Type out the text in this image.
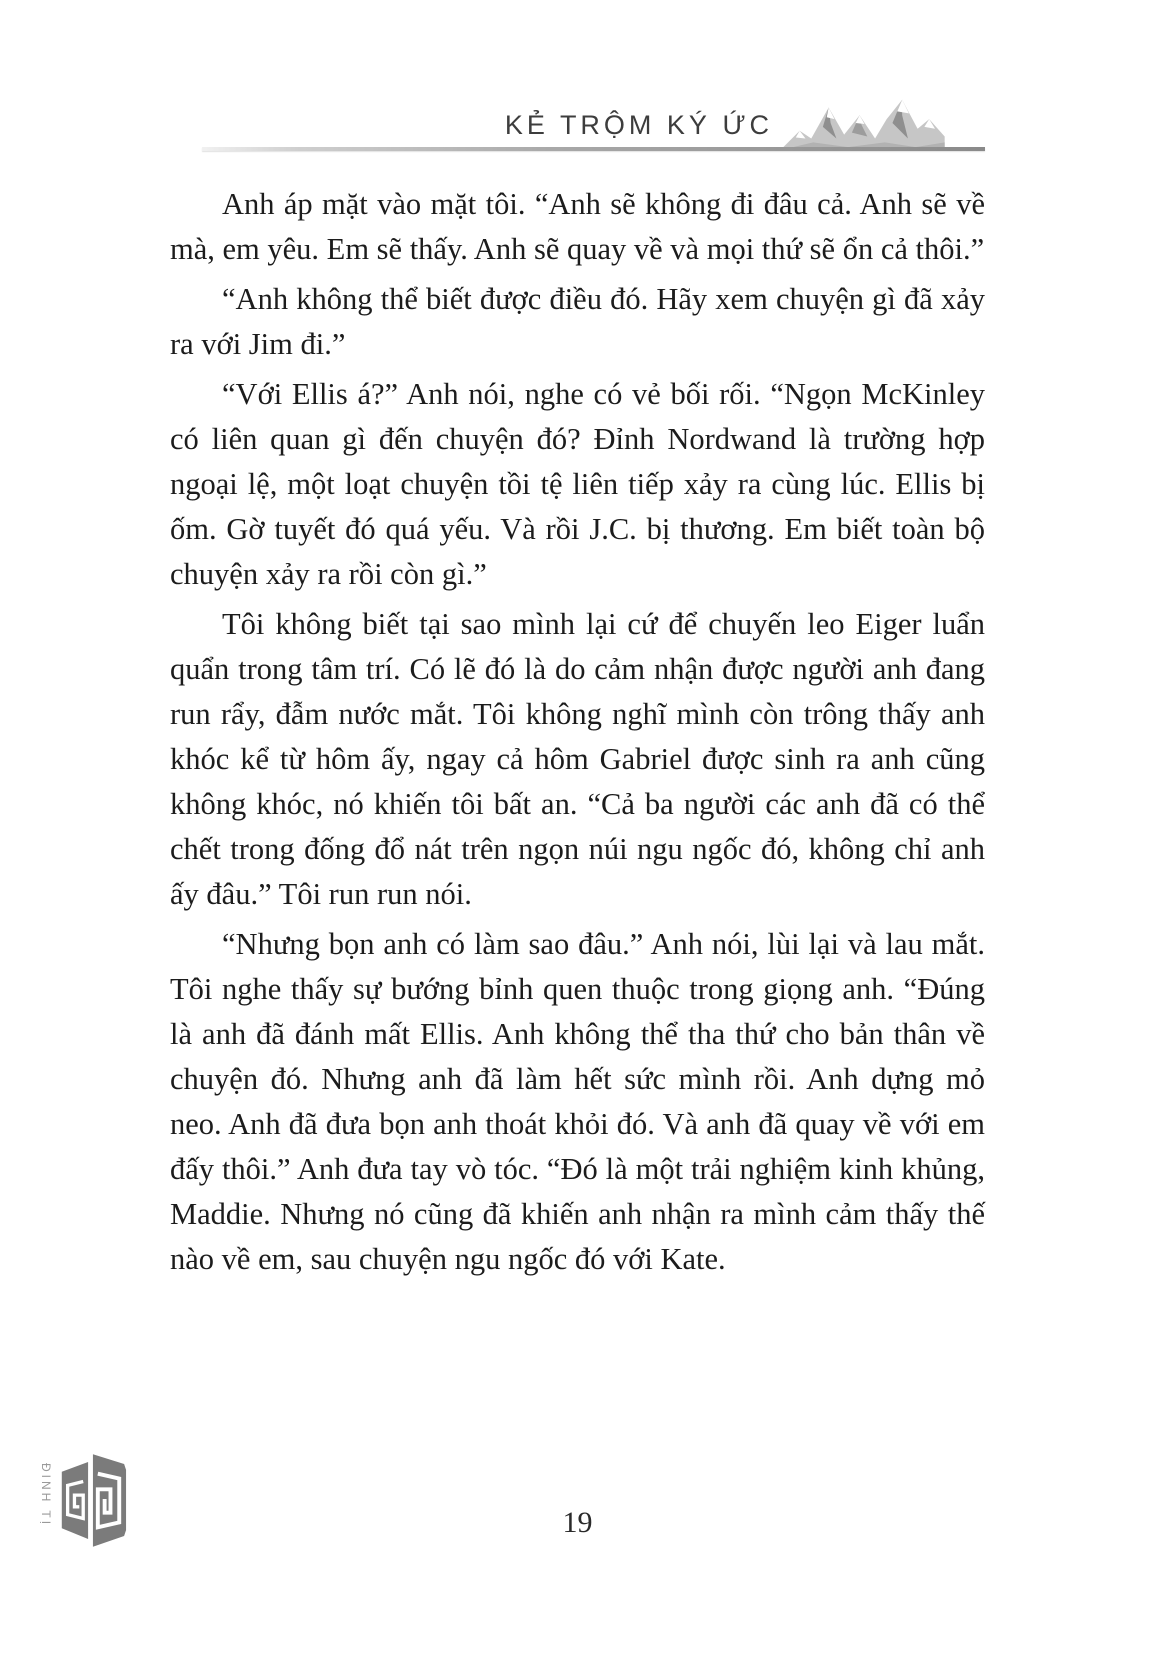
KẺ TRỘM KÝ ỨC

Anh áp mặt vào mặt tôi. “Anh sẽ không đi đâu cả. Anh sẽ về mà, em yêu. Em sẽ thấy. Anh sẽ quay về và mọi thứ sẽ ổn cả thôi.”

“Anh không thể biết được điều đó. Hãy xem chuyện gì đã xảy ra với Jim đi.”

“Với Ellis á?” Anh nói, nghe có vẻ bối rối. “Ngọn McKinley có liên quan gì đến chuyện đó? Đỉnh Nordwand là trường hợp ngoại lệ, một loạt chuyện tồi tệ liên tiếp xảy ra cùng lúc. Ellis bị ốm. Gờ tuyết đó quá yếu. Và rồi J.C. bị thương. Em biết toàn bộ chuyện xảy ra rồi còn gì.”

Tôi không biết tại sao mình lại cứ để chuyến leo Eiger luẩn quẩn trong tâm trí. Có lẽ đó là do cảm nhận được người anh đang run rẩy, đẫm nước mắt. Tôi không nghĩ mình còn trông thấy anh khóc kể từ hôm ấy, ngay cả hôm Gabriel được sinh ra anh cũng không khóc, nó khiến tôi bất an. “Cả ba người các anh đã có thể chết trong đống đổ nát trên ngọn núi ngu ngốc đó, không chỉ anh ấy đâu.” Tôi run run nói.

“Nhưng bọn anh có làm sao đâu.” Anh nói, lùi lại và lau mắt. Tôi nghe thấy sự bướng bỉnh quen thuộc trong giọng anh. “Đúng là anh đã đánh mất Ellis. Anh không thể tha thứ cho bản thân về chuyện đó. Nhưng anh đã làm hết sức mình rồi. Anh dựng mỏ neo. Anh đã đưa bọn anh thoát khỏi đó. Và anh đã quay về với em đấy thôi.” Anh đưa tay vò tóc. “Đó là một trải nghiệm kinh khủng, Maddie. Nhưng nó cũng đã khiến anh nhận ra mình cảm thấy thế nào về em, sau chuyện ngu ngốc đó với Kate.

ĐINH TỊ	19
